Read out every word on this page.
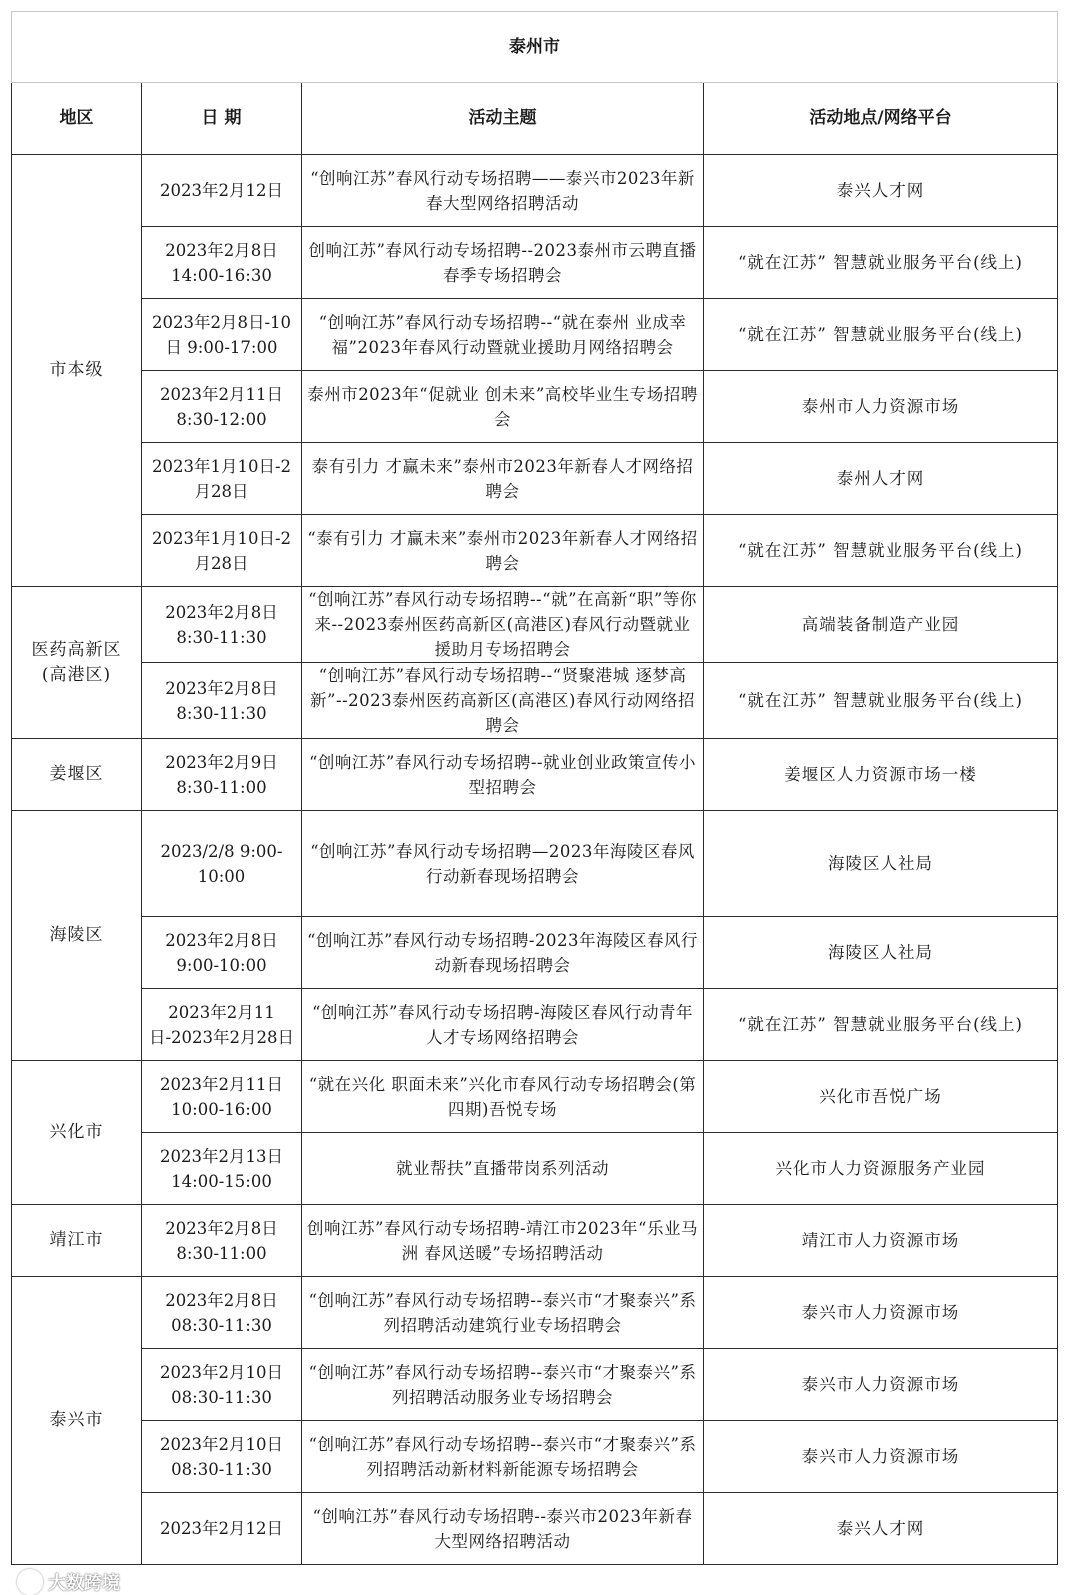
泰州市			
地区	日 期	活动主题	活动地点/网络平台
市本级	2023年2月12日	“创响江苏”春风行动专场招聘——泰兴市2023年新春大型网络招聘活动	泰兴人才网
	2023年2月8日 14:00-16:30	创响江苏”春风行动专场招聘--2023泰州市云聘直播春季专场招聘会	“就在江苏” 智慧就业服务平台(线上)
	2023年2月8日-10日 9:00-17:00	“创响江苏”春风行动专场招聘--“就在泰州 业成幸福”2023年春风行动暨就业援助月网络招聘会	“就在江苏” 智慧就业服务平台(线上)
	2023年2月11日 8:30-12:00	泰州市2023年“促就业 创未来”高校毕业生专场招聘会	泰州市人力资源市场
	2023年1月10日-2月28日	泰有引力 才赢未来”泰州市2023年新春人才网络招聘会	泰州人才网
	2023年1月10日-2月28日	“泰有引力 才赢未来”泰州市2023年新春人才网络招聘会	“就在江苏” 智慧就业服务平台(线上)
医药高新区(高港区)	2023年2月8日 8:30-11:30	“创响江苏”春风行动专场招聘--“就”在高新“职”等你来--2023泰州医药高新区(高港区)春风行动暨就业援助月专场招聘会	高端装备制造产业园
	2023年2月8日 8:30-11:30	“创响江苏”春风行动专场招聘--“贤聚港城 逐梦高新”--2023泰州医药高新区(高港区)春风行动网络招聘会	“就在江苏” 智慧就业服务平台(线上)
姜堰区	2023年2月9日 8:30-11:00	“创响江苏”春风行动专场招聘--就业创业政策宣传小型招聘会	姜堰区人力资源市场一楼
海陵区	2023/2/8 9:00-10:00	“创响江苏”春风行动专场招聘—2023年海陵区春风行动新春现场招聘会	海陵区人社局
	2023年2月8日 9:00-10:00	“创响江苏”春风行动专场招聘-2023年海陵区春风行动新春现场招聘会	海陵区人社局
	2023年2月11日-2023年2月28日	“创响江苏”春风行动专场招聘-海陵区春风行动青年人才专场网络招聘会	“就在江苏” 智慧就业服务平台(线上)
兴化市	2023年2月11日 10:00-16:00	“就在兴化 职面未来”兴化市春风行动专场招聘会(第四期)吾悦专场	兴化市吾悦广场
	2023年2月13日 14:00-15:00	就业帮扶”直播带岗系列活动	兴化市人力资源服务产业园
靖江市	2023年2月8日 8:30-11:00	创响江苏”春风行动专场招聘-靖江市2023年“乐业马洲 春风送暖”专场招聘活动	靖江市人力资源市场
泰兴市	2023年2月8日 08:30-11:30	“创响江苏”春风行动专场招聘--泰兴市“才聚泰兴”系列招聘活动建筑行业专场招聘会	泰兴市人力资源市场
	2023年2月10日 08:30-11:30	“创响江苏”春风行动专场招聘--泰兴市“才聚泰兴”系列招聘活动服务业专场招聘会	泰兴市人力资源市场
	2023年2月10日 08:30-11:30	“创响江苏”春风行动专场招聘--泰兴市“才聚泰兴”系列招聘活动新材料新能源专场招聘会	泰兴市人力资源市场
	2023年2月12日	“创响江苏”春风行动专场招聘--泰兴市2023年新春大型网络招聘活动	泰兴人才网
大数跨境
